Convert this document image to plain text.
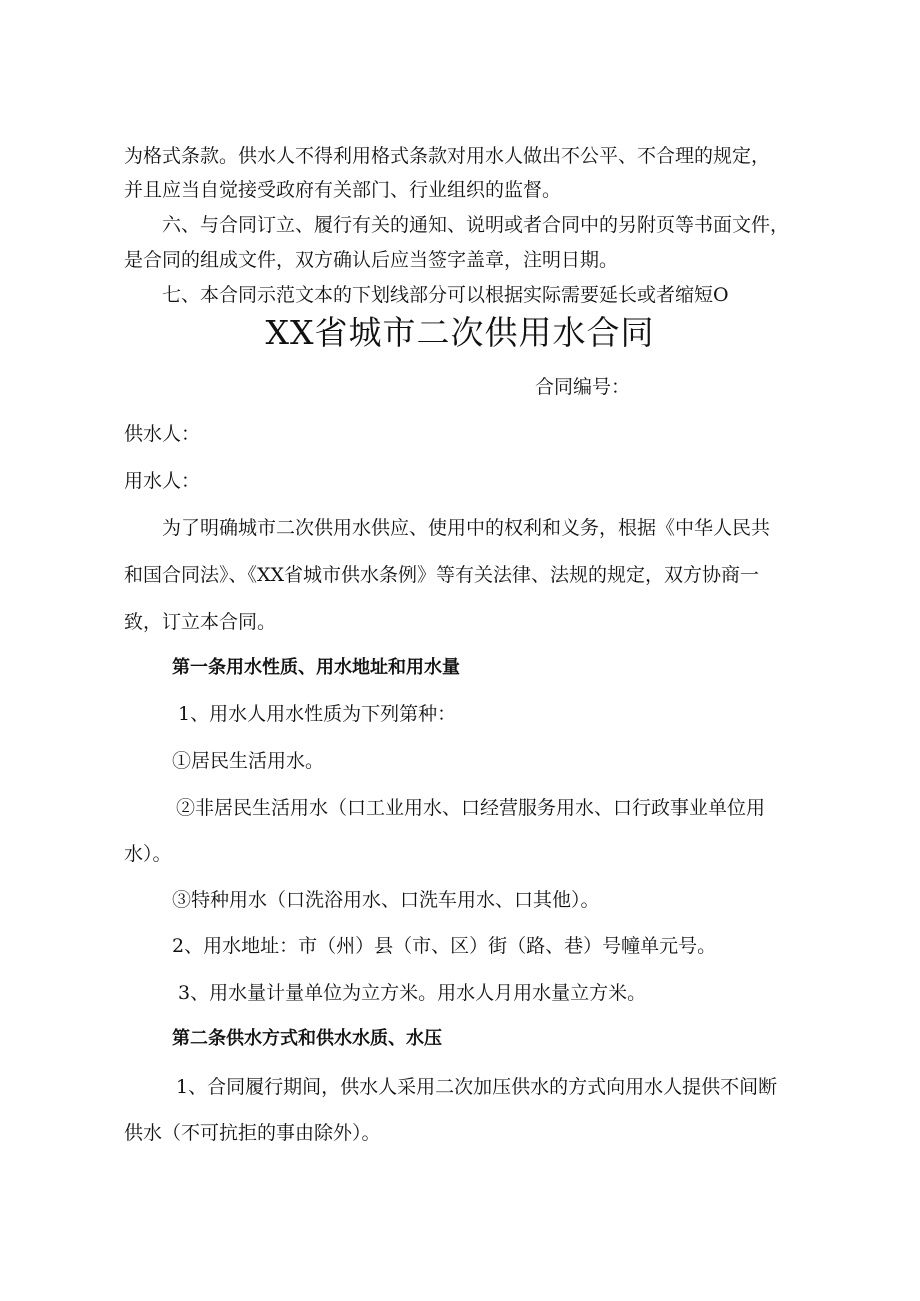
为格式条款。供水人不得利用格式条款对用水人做出不公平、不合理的规定，
并且应当自觉接受政府有关部门、行业组织的监督。
六、与合同订立、履行有关的通知、说明或者合同中的另附页等书面文件，
是合同的组成文件，双方确认后应当签字盖章，注明日期。
七、本合同示范文本的下划线部分可以根据实际需要延长或者缩短O
XX省城市二次供用水合同
合同编号：
供水人：
用水人：
为了明确城市二次供用水供应、使用中的权利和义务，根据《中华人民共
和国合同法》、《XX省城市供水条例》等有关法律、法规的规定，双方协商一
致，订立本合同。
第一条用水性质、用水地址和用水量
1、用水人用水性质为下列第种：
①居民生活用水。
②非居民生活用水（口工业用水、口经营服务用水、口行政事业单位用
水）。
③特种用水（口洗浴用水、口洗车用水、口其他）。
2、用水地址：市（州）县（市、区）街（路、巷）号幢单元号。
3、用水量计量单位为立方米。用水人月用水量立方米。
第二条供水方式和供水水质、水压
1、合同履行期间，供水人采用二次加压供水的方式向用水人提供不间断
供水（不可抗拒的事由除外）。
